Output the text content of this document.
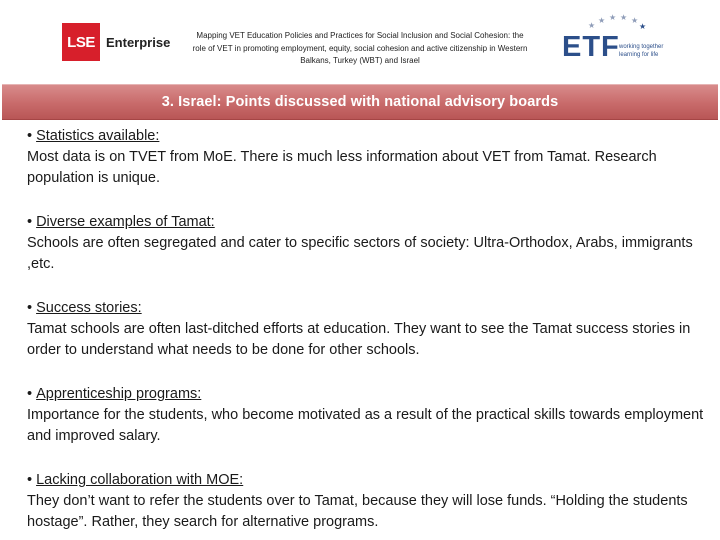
LSE Enterprise	Mapping VET Education Policies and Practices for Social Inclusion and Social Cohesion: the role of VET in promoting employment, equity, social cohesion and active citizenship in Western Balkans, Turkey (WBT) and Israel
★
★ ★ ★ ★
★
ETF working together
learning for life
3. Israel: Points discussed with national advisory boards
• Statistics available:
Most data is on TVET from MoE. There is much less information about VET from Tamat. Research population is unique.
• Diverse examples of Tamat:
Schools are often segregated and cater to specific sectors of society: Ultra-Orthodox, Arabs, immigrants ,etc.
• Success stories:
Tamat schools are often last-ditched efforts at education. They want to see the Tamat success stories in order to understand what needs to be done for other schools.
• Apprenticeship programs:
Importance for the students, who become motivated as a result of the practical skills towards employment and improved salary.
• Lacking collaboration with MOE:
They don’t want to refer the students over to Tamat, because they will lose funds. “Holding the students hostage”. Rather, they search for alternative programs.
